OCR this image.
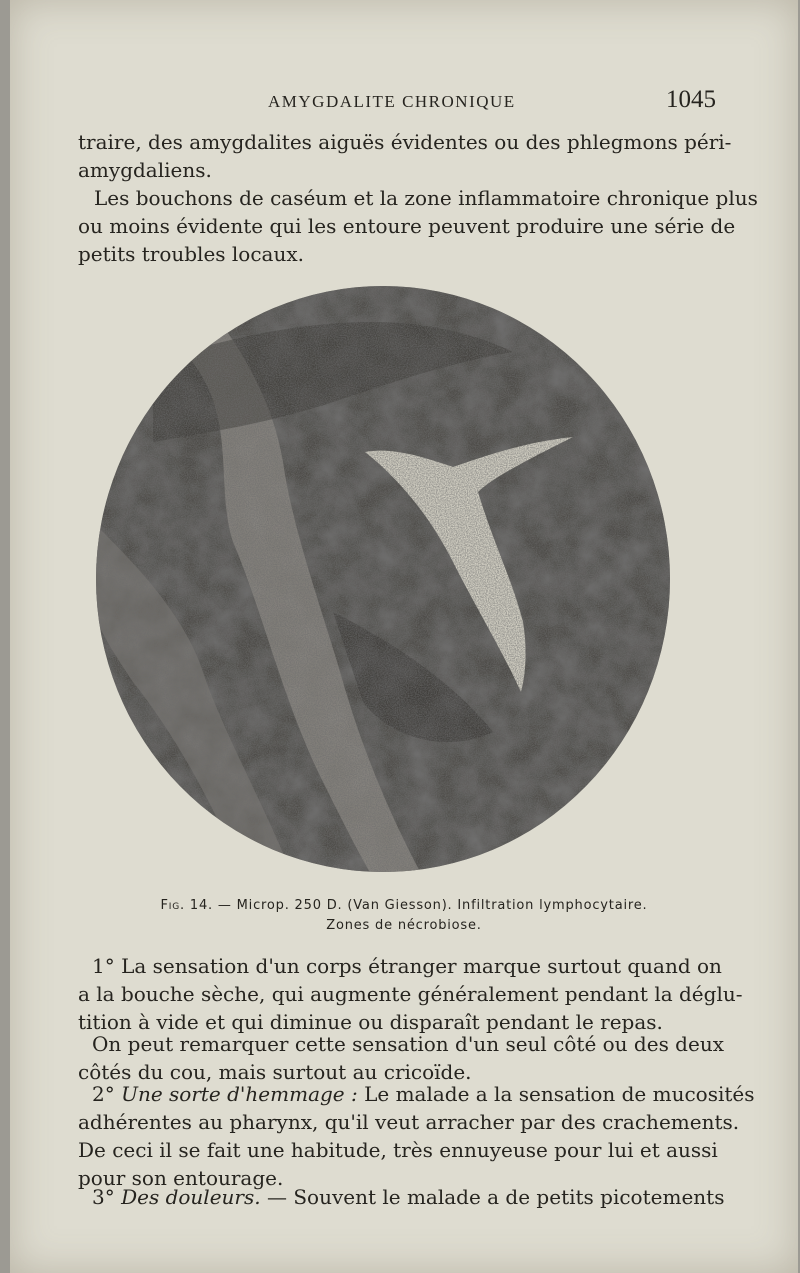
AMYGDALITE CHRONIQUE	1045
traire, des amygdalites aiguës évidentes ou des phlegmons péri-
amygdaliens.
Les bouchons de caséum et la zone inflammatoire chronique plus
ou moins évidente qui les entoure peuvent produire une série de
petits troubles locaux.
Fig. 14. — Microp. 250 D. (Van Giesson). Infiltration lymphocytaire.
Zones de nécrobiose.
1° La sensation d'un corps étranger marque surtout quand on
a la bouche sèche, qui augmente généralement pendant la déglu-
tition à vide et qui diminue ou disparaît pendant le repas.
On peut remarquer cette sensation d'un seul côté ou des deux
côtés du cou, mais surtout au cricoïde.
2° Une sorte d'hemmage : Le malade a la sensation de mucosités
adhérentes au pharynx, qu'il veut arracher par des crachements.
De ceci il se fait une habitude, très ennuyeuse pour lui et aussi
pour son entourage.
3° Des douleurs. — Souvent le malade a de petits picotements
